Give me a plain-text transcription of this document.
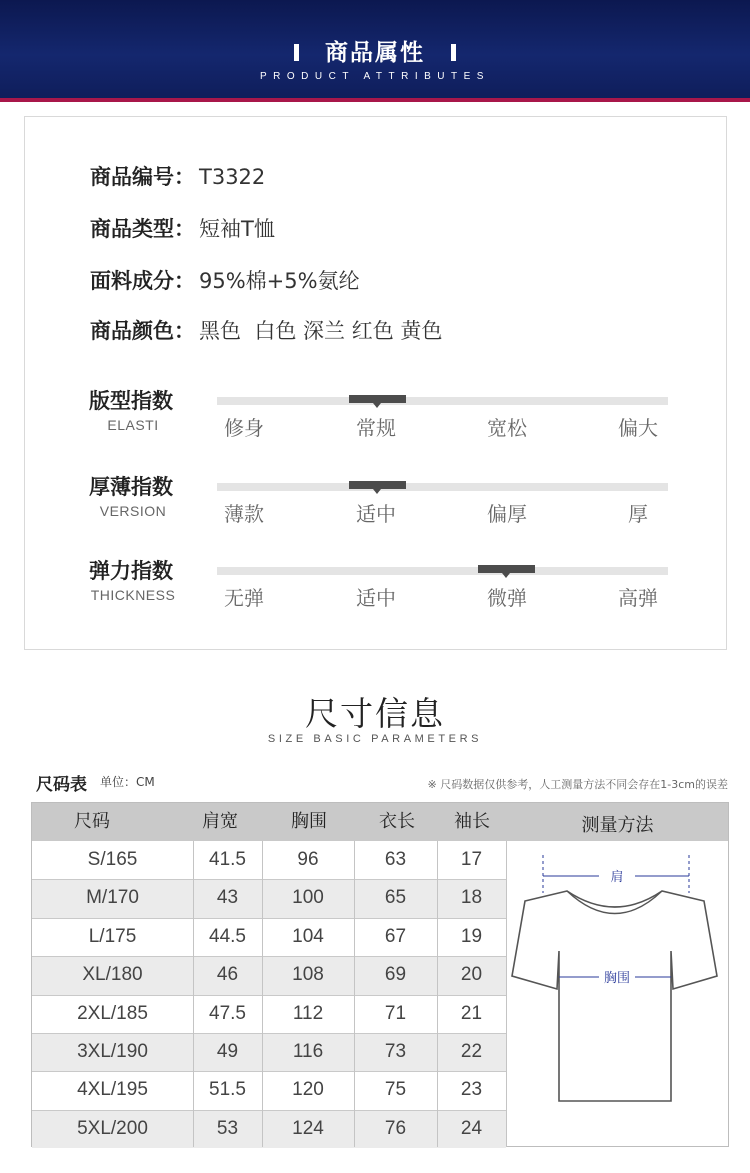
商品属性
PRODUCT ATTRIBUTES
商品编号： T3322
商品类型： 短袖T恤
面料成分： 95%棉+5%氨纶
商品颜色： 黑色  白色 深兰 红色 黄色
版型指数
ELASTI	修身	常规	宽松	偏大
厚薄指数
VERSION	薄款	适中	偏厚	厚
弹力指数
THICKNESS 无弹	适中	微弹	高弹
尺寸信息
SIZE BASIC PARAMETERS
尺码表 单位：CM	※ 尺码数据仅供参考，人工测量方法不同会存在1-3cm的误差
尺码	肩宽	胸围	衣长	袖长	测量方法
S/165	41.5	96	63	17
M/170	43	100	65	18
L/175	44.5	104	67	19
XL/180	46	108	69	20
2XL/185	47.5	112	71	21
3XL/190	49	116	73	22
4XL/195	51.5	120	75	23
5XL/200	53	124	76	24
肩
胸围
